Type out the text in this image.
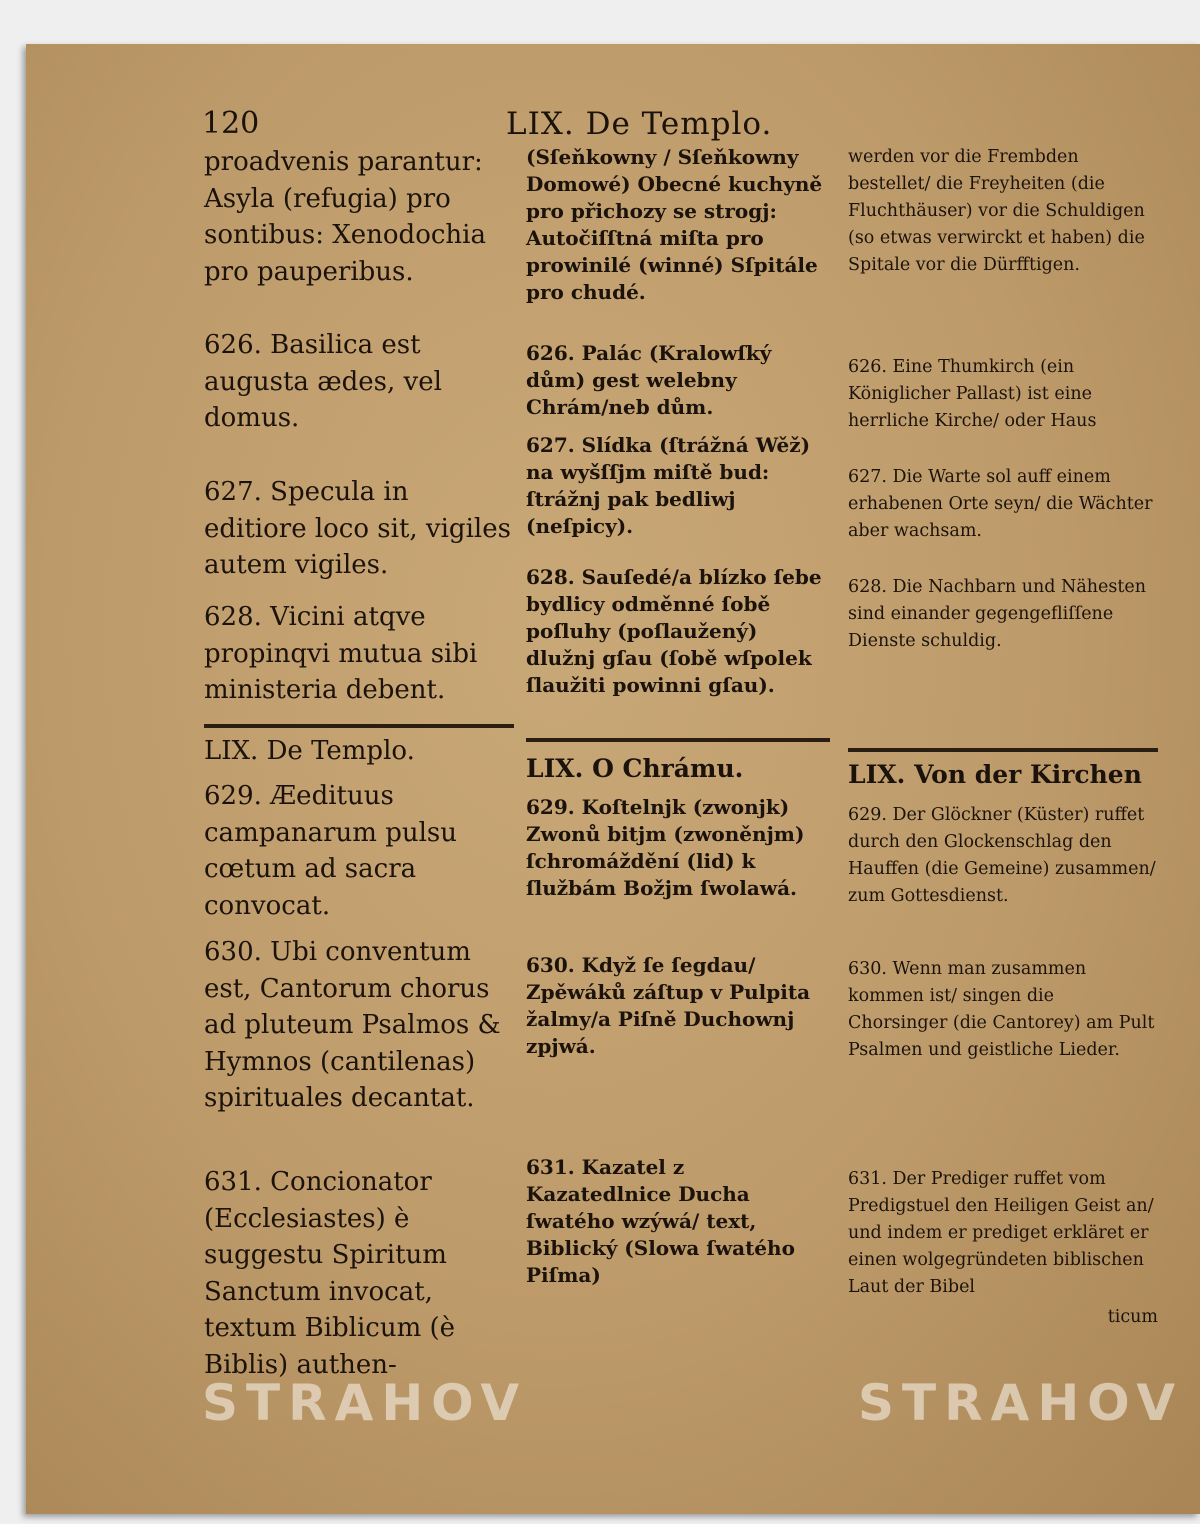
120	LIX. De Templo.

proadvenis parantur: Asyla (refugia) pro sontibus: Xenodochia pro pauperibus.

626. Basilica est augusta ædes, vel domus.

627. Specula in editiore loco sit, vigiles autem vigiles.

628. Vicini atqve propinqvi mutua sibi ministeria debent.

LIX. De Templo.

629. Æedituus campanarum pulsu cœtum ad sacra convocat.

630. Ubi conventum est, Cantorum chorus ad pluteum Psalmos & Hymnos (cantilenas) spirituales decantat.

631. Concionator (Ecclesiastes) è suggestu Spiritum Sanctum invocat, textum Biblicum (è Biblis) authen-

(Sſeňkowny / Sſeňkowny Domowé) Obecné kuchyně pro přichozy se strogj: Autočiſſtná miſta pro prowinilé (winné) Sſpitále pro chudé.

626. Palác (Kralowſký dům) gest welebny Chrám/neb dům.

627. Slídka (ſtrážná Wěž) na wyšſſjm miſtě bud: ſtrážnj pak bedliwj (neſpicy).

628. Sauſedé/a blízko ſebe bydlicy odměnné ſobě poſluhy (poſlaužený) dlužnj gſau (ſobě wſpolek ſlaužiti powinni gſau).

LIX. O Chrámu.

629. Koſtelnjk (zwonjk) Zwonů bitjm (zwoněnjm) ſchromáždění (lid) k ſlužbám Božjm ſwolawá.

630. Když ſe ſegdau/ Zpěwáků záſtup v Pulpita žalmy/a Piſně Duchownj zpjwá.

631. Kazatel z Kazatedlnice Ducha ſwatého wzýwá/ text, Biblický (Slowa ſwatého Piſma)

werden vor die Frembden bestellet/ die Freyheiten (die Fluchthäuser) vor die Schuldigen (so etwas verwirckt et haben) die Spitale vor die Dürfftigen.

626. Eine Thumkirch (ein Königlicher Pallast) ist eine herrliche Kirche/ oder Haus

627. Die Warte sol auff einem erhabenen Orte seyn/ die Wächter aber wachsam.

628. Die Nachbarn und Nähesten sind einander gegengefliſſene Dienste schuldig.

LIX. Von der Kirchen

629. Der Glöckner (Küster) ruffet durch den Glockenschlag den Hauffen (die Gemeine) zusammen/ zum Gottesdienst.

630. Wenn man zusammen kommen ist/ singen die Chorsinger (die Cantorey) am Pult Psalmen und geistliche Lieder.

631. Der Prediger ruffet vom Predigstuel den Heiligen Geist an/ und indem er prediget erkläret er einen wolgegründeten biblischen Laut der Bibel

ticum

STRAHOV	STRAHOV
